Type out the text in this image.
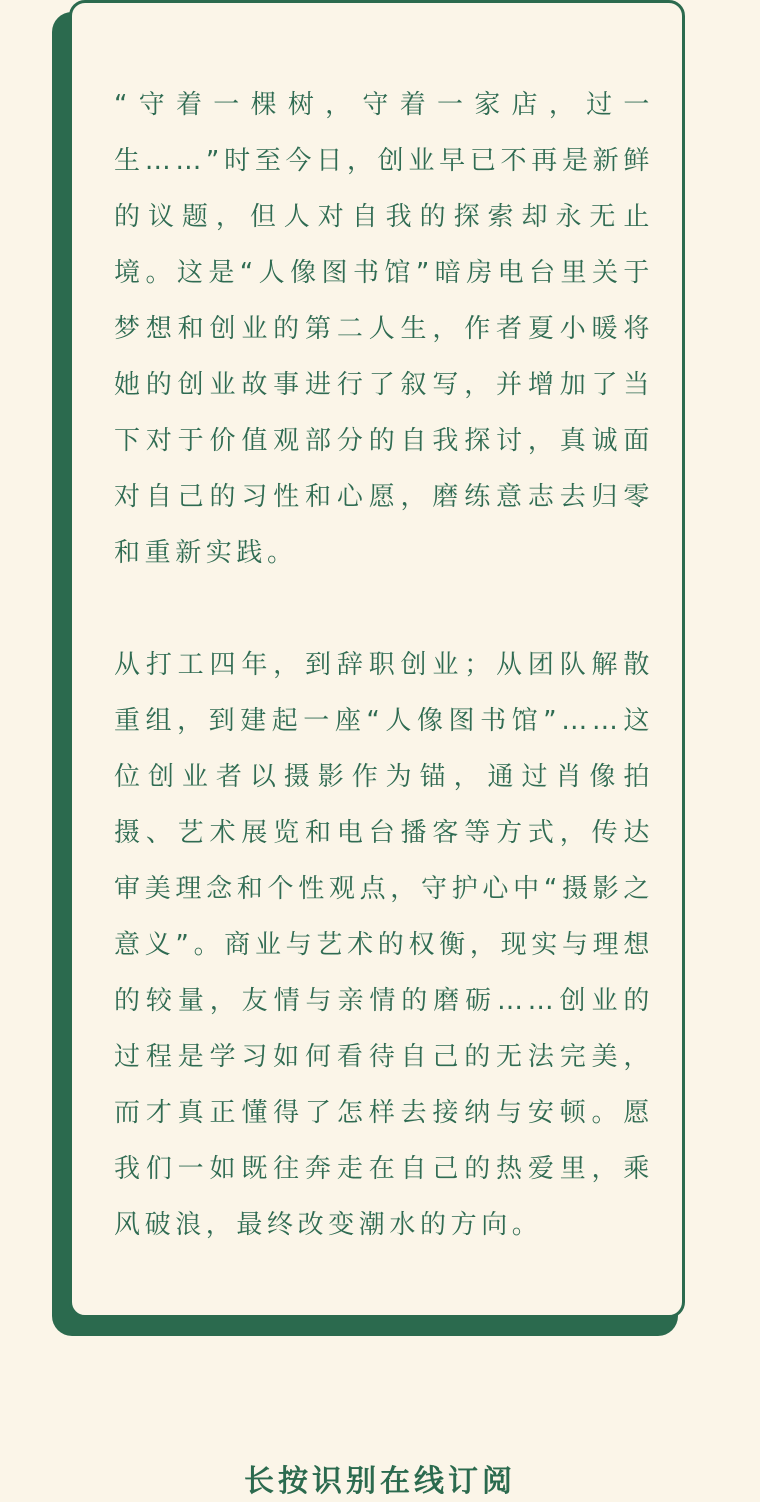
“守着一棵树，守着一家店，过一生……”时至今日，创业早已不再是新鲜的议题，但人对自我的探索却永无止境。这是“人像图书馆”暗房电台里关于梦想和创业的第二人生，作者夏小暖将她的创业故事进行了叙写，并增加了当下对于价值观部分的自我探讨，真诚面对自己的习性和心愿，磨练意志去归零和重新实践。

从打工四年，到辞职创业；从团队解散重组，到建起一座“人像图书馆”……这位创业者以摄影作为锚，通过肖像拍摄、艺术展览和电台播客等方式，传达审美理念和个性观点，守护心中“摄影之意义”。商业与艺术的权衡，现实与理想的较量，友情与亲情的磨砺……创业的过程是学习如何看待自己的无法完美，而才真正懂得了怎样去接纳与安顿。愿我们一如既往奔走在自己的热爱里，乘风破浪，最终改变潮水的方向。

长按识别在线订阅
